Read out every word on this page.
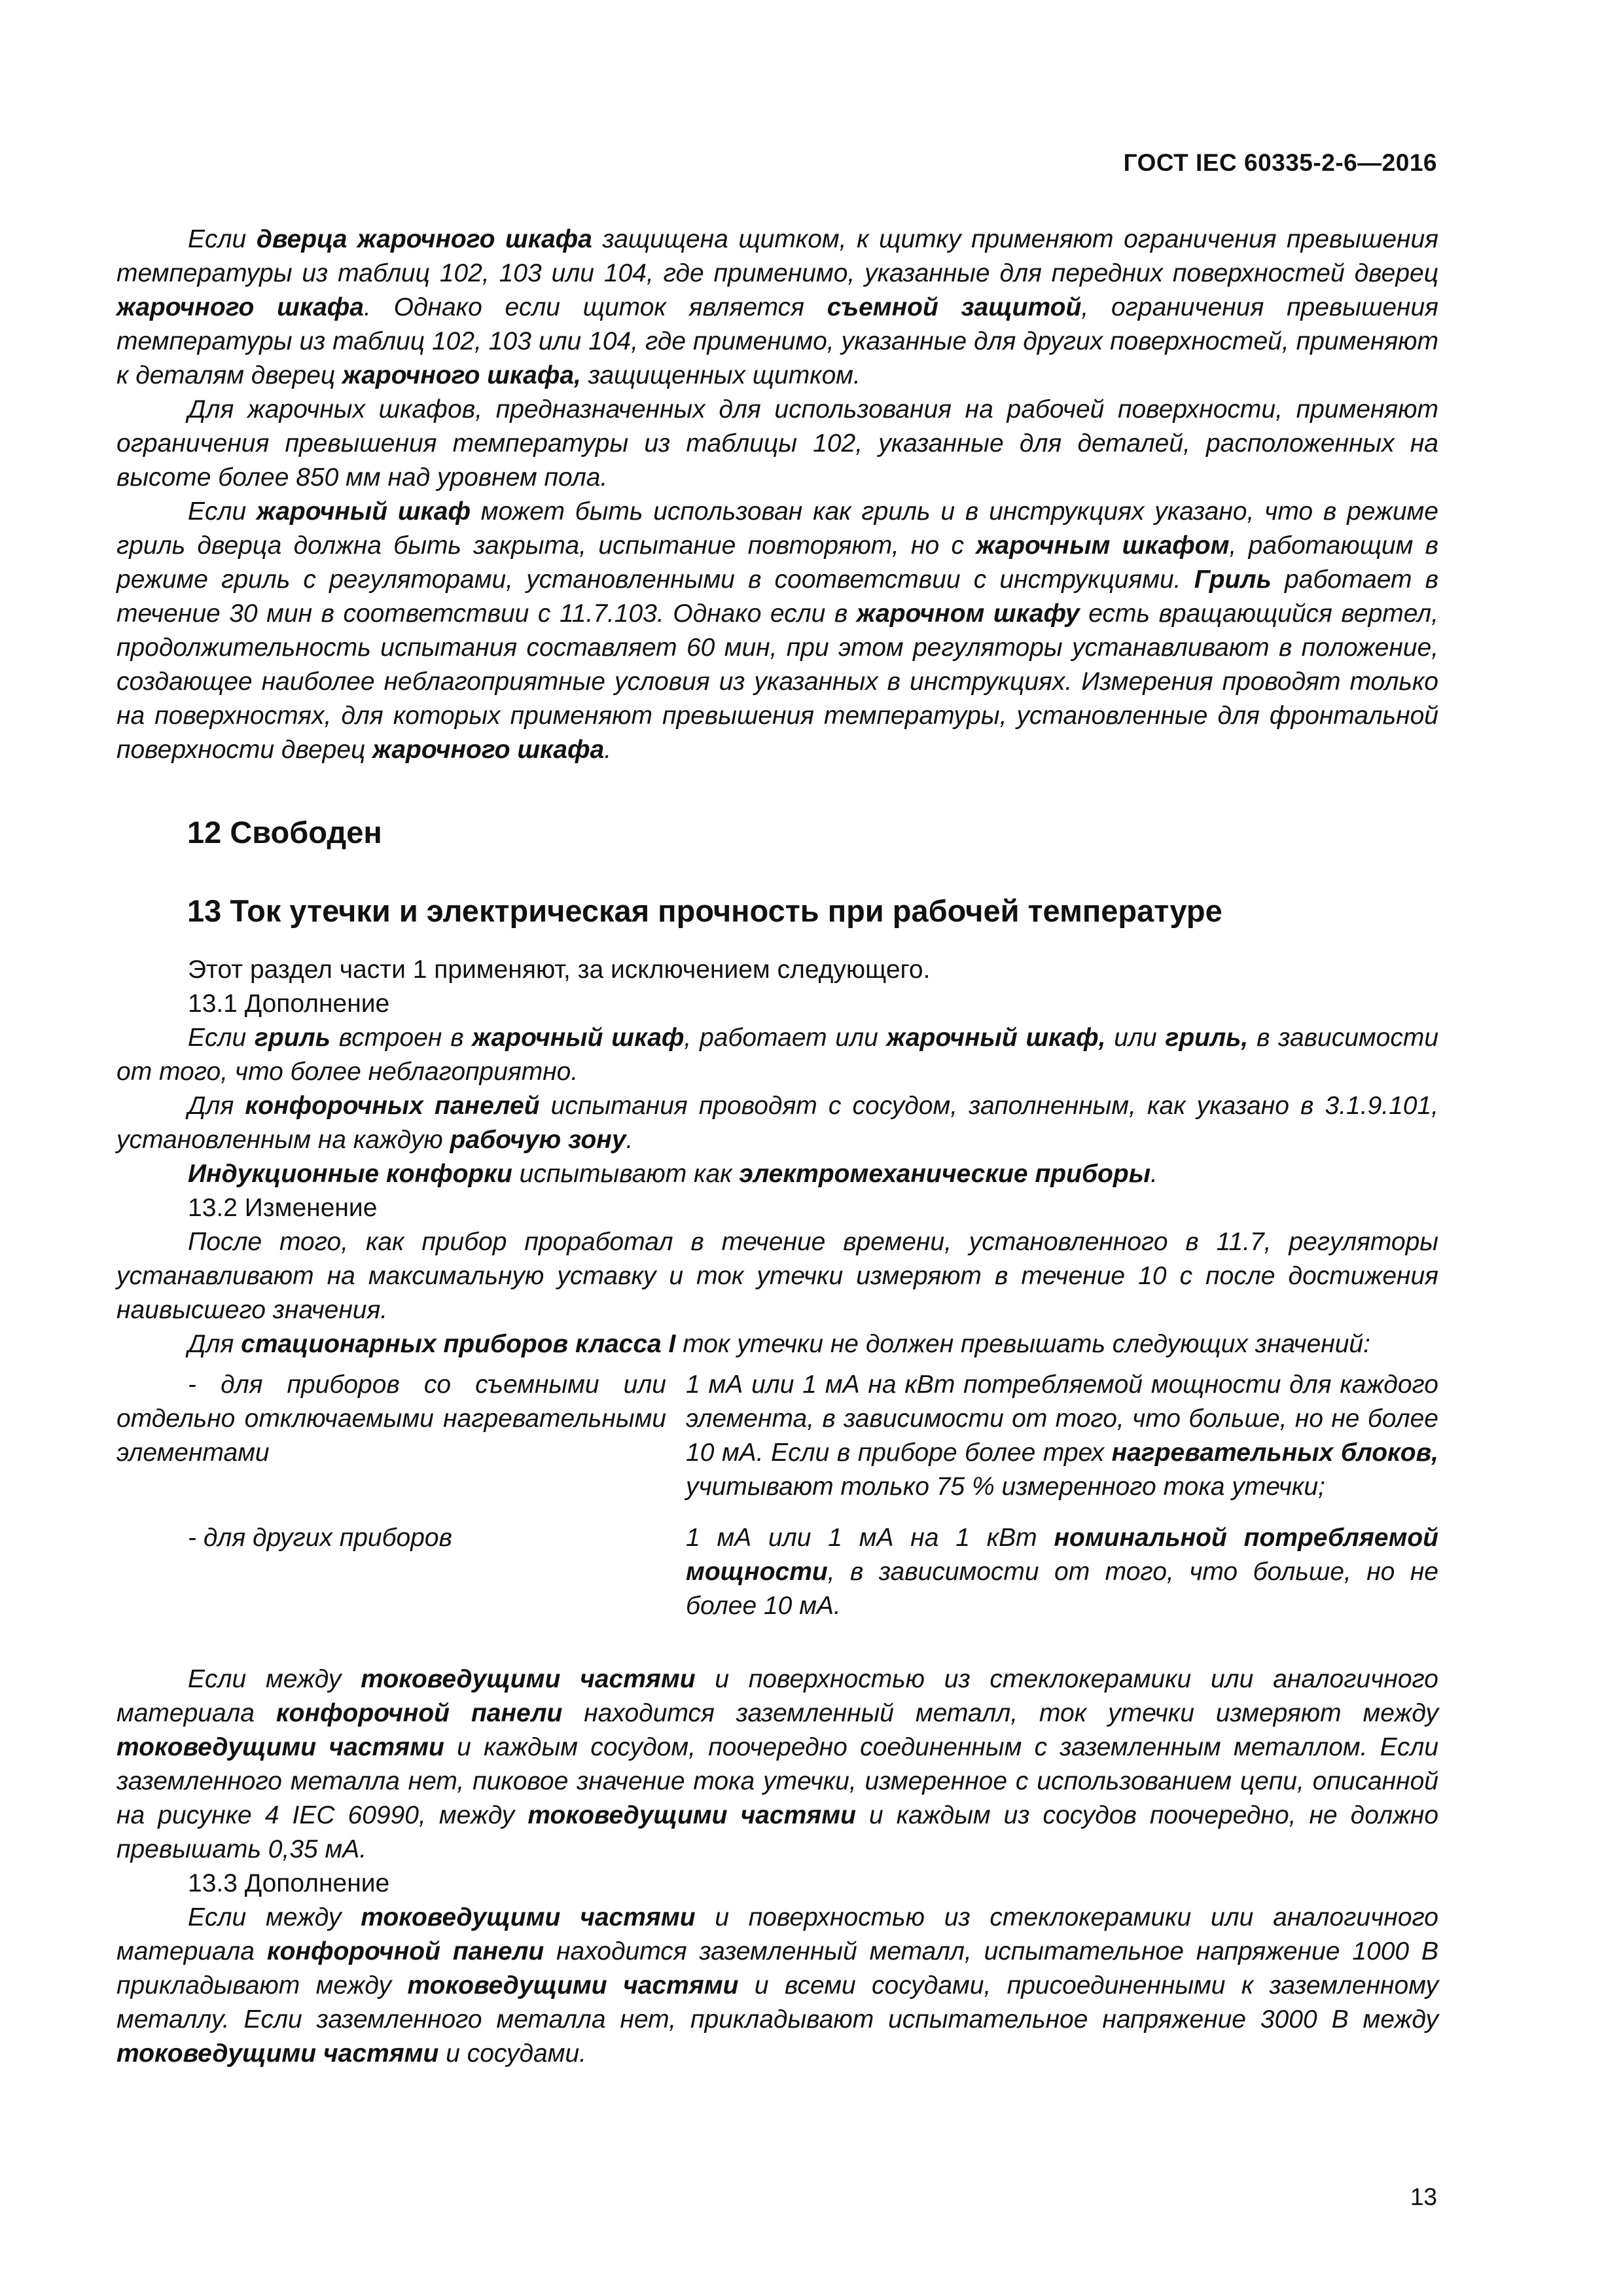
ГОСТ IEC 60335-2-6—2016

Если дверца жарочного шкафа защищена щитком, к щитку применяют ограничения превышения температуры из таблиц 102, 103 или 104, где применимо, указанные для передних поверхностей дверец жарочного шкафа. Однако если щиток является съемной защитой, ограничения превышения температуры из таблиц 102, 103 или 104, где применимо, указанные для других поверхностей, применяют к деталям дверец жарочного шкафа, защищенных щитком.

Для жарочных шкафов, предназначенных для использования на рабочей поверхности, применяют ограничения превышения температуры из таблицы 102, указанные для деталей, расположенных на высоте более 850 мм над уровнем пола.

Если жарочный шкаф может быть использован как гриль и в инструкциях указано, что в режиме гриль дверца должна быть закрыта, испытание повторяют, но с жарочным шкафом, работающим в режиме гриль с регуляторами, установленными в соответствии с инструкциями. Гриль работает в течение 30 мин в соответствии с 11.7.103. Однако если в жарочном шкафу есть вращающийся вертел, продолжительность испытания составляет 60 мин, при этом регуляторы устанавливают в положение, создающее наиболее неблагоприятные условия из указанных в инструкциях. Измерения проводят только на поверхностях, для которых применяют превышения температуры, установленные для фронтальной поверхности дверец жарочного шкафа.

12 Свободен
13 Ток утечки и электрическая прочность при рабочей температуре

Этот раздел части 1 применяют, за исключением следующего.

13.1 Дополнение

Если гриль встроен в жарочный шкаф, работает или жарочный шкаф, или гриль, в зависимости от того, что более неблагоприятно.

Для конфорочных панелей испытания проводят с сосудом, заполненным, как указано в 3.1.9.101, установленным на каждую рабочую зону.

Индукционные конфорки испытывают как электромеханические приборы.

13.2 Изменение

После того, как прибор проработал в течение времени, установленного в 11.7, регуляторы устанавливают на максимальную уставку и ток утечки измеряют в течение 10 с после достижения наивысшего значения.

Для стационарных приборов класса I ток утечки не должен превышать следующих значений:

- для приборов со съемными или отдельно отключаемыми нагревательными элементами
1 мА или 1 мА на кВт потребляемой мощности для каждого элемента, в зависимости от того, что больше, но не более 10 мА. Если в приборе более трех нагревательных блоков, учитывают только 75 % измеренного тока утечки;
- для других приборов	1 мА или 1 мА на 1 кВт номинальной потребляемой мощности, в зависимости от того, что больше, но не более 10 мА.

Если между токоведущими частями и поверхностью из стеклокерамики или аналогичного материала конфорочной панели находится заземленный металл, ток утечки измеряют между токоведущими частями и каждым сосудом, поочередно соединенным с заземленным металлом. Если заземленного металла нет, пиковое значение тока утечки, измеренное с использованием цепи, описанной на рисунке 4 IEC 60990, между токоведущими частями и каждым из сосудов поочередно, не должно превышать 0,35 мА.

13.3 Дополнение

Если между токоведущими частями и поверхностью из стеклокерамики или аналогичного материала конфорочной панели находится заземленный металл, испытательное напряжение 1000 В прикладывают между токоведущими частями и всеми сосудами, присоединенными к заземленному металлу. Если заземленного металла нет, прикладывают испытательное напряжение 3000 В между токоведущими частями и сосудами.

13
